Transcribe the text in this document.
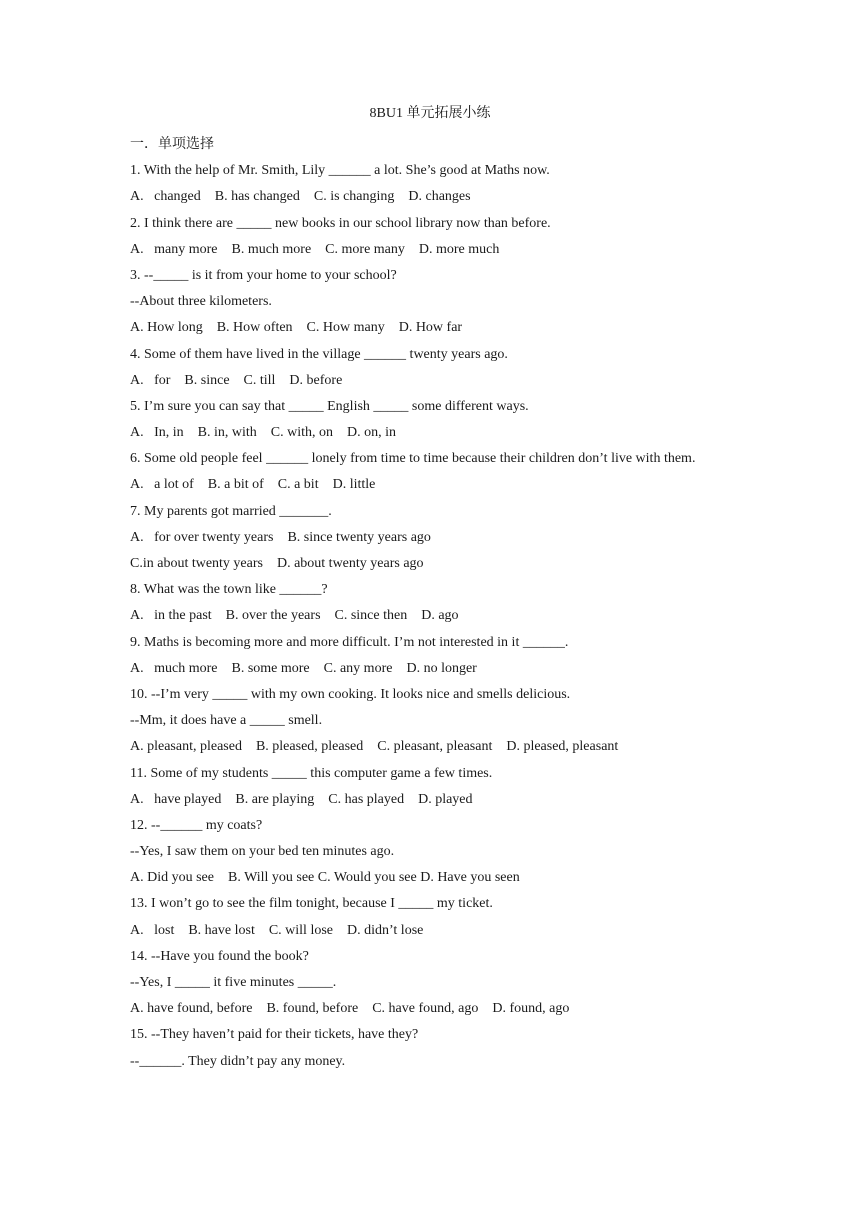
8BU1 单元拓展小练
一．单项选择
1. With the help of Mr. Smith, Lily ______ a lot. She’s good at Maths now.
A.   changed    B. has changed    C. is changing    D. changes
2. I think there are _____ new books in our school library now than before.
A.   many more    B. much more    C. more many    D. more much
3. --_____ is it from your home to your school?
--About three kilometers.
A. How long    B. How often    C. How many    D. How far
4. Some of them have lived in the village ______ twenty years ago.
A.   for    B. since    C. till    D. before
5. I’m sure you can say that _____ English _____ some different ways.
A.   In, in    B. in, with    C. with, on    D. on, in
6. Some old people feel ______ lonely from time to time because their children don’t live with them.
A.   a lot of    B. a bit of    C. a bit    D. little
7. My parents got married _______.
A.   for over twenty years    B. since twenty years ago
C.in about twenty years    D. about twenty years ago
8. What was the town like ______?
A.   in the past    B. over the years    C. since then    D. ago
9. Maths is becoming more and more difficult. I’m not interested in it ______.
A.   much more    B. some more    C. any more    D. no longer
10. --I’m very _____ with my own cooking. It looks nice and smells delicious.
--Mm, it does have a _____ smell.
A. pleasant, pleased    B. pleased, pleased    C. pleasant, pleasant    D. pleased, pleasant
11. Some of my students _____ this computer game a few times.
A.   have played    B. are playing    C. has played    D. played
12. --______ my coats?
--Yes, I saw them on your bed ten minutes ago.
A. Did you see    B. Will you see C. Would you see D. Have you seen
13. I won’t go to see the film tonight, because I _____ my ticket.
A.   lost    B. have lost    C. will lose    D. didn’t lose
14. --Have you found the book?
--Yes, I _____ it five minutes _____.
A. have found, before    B. found, before    C. have found, ago    D. found, ago
15. --They haven’t paid for their tickets, have they?
--______. They didn’t pay any money.
